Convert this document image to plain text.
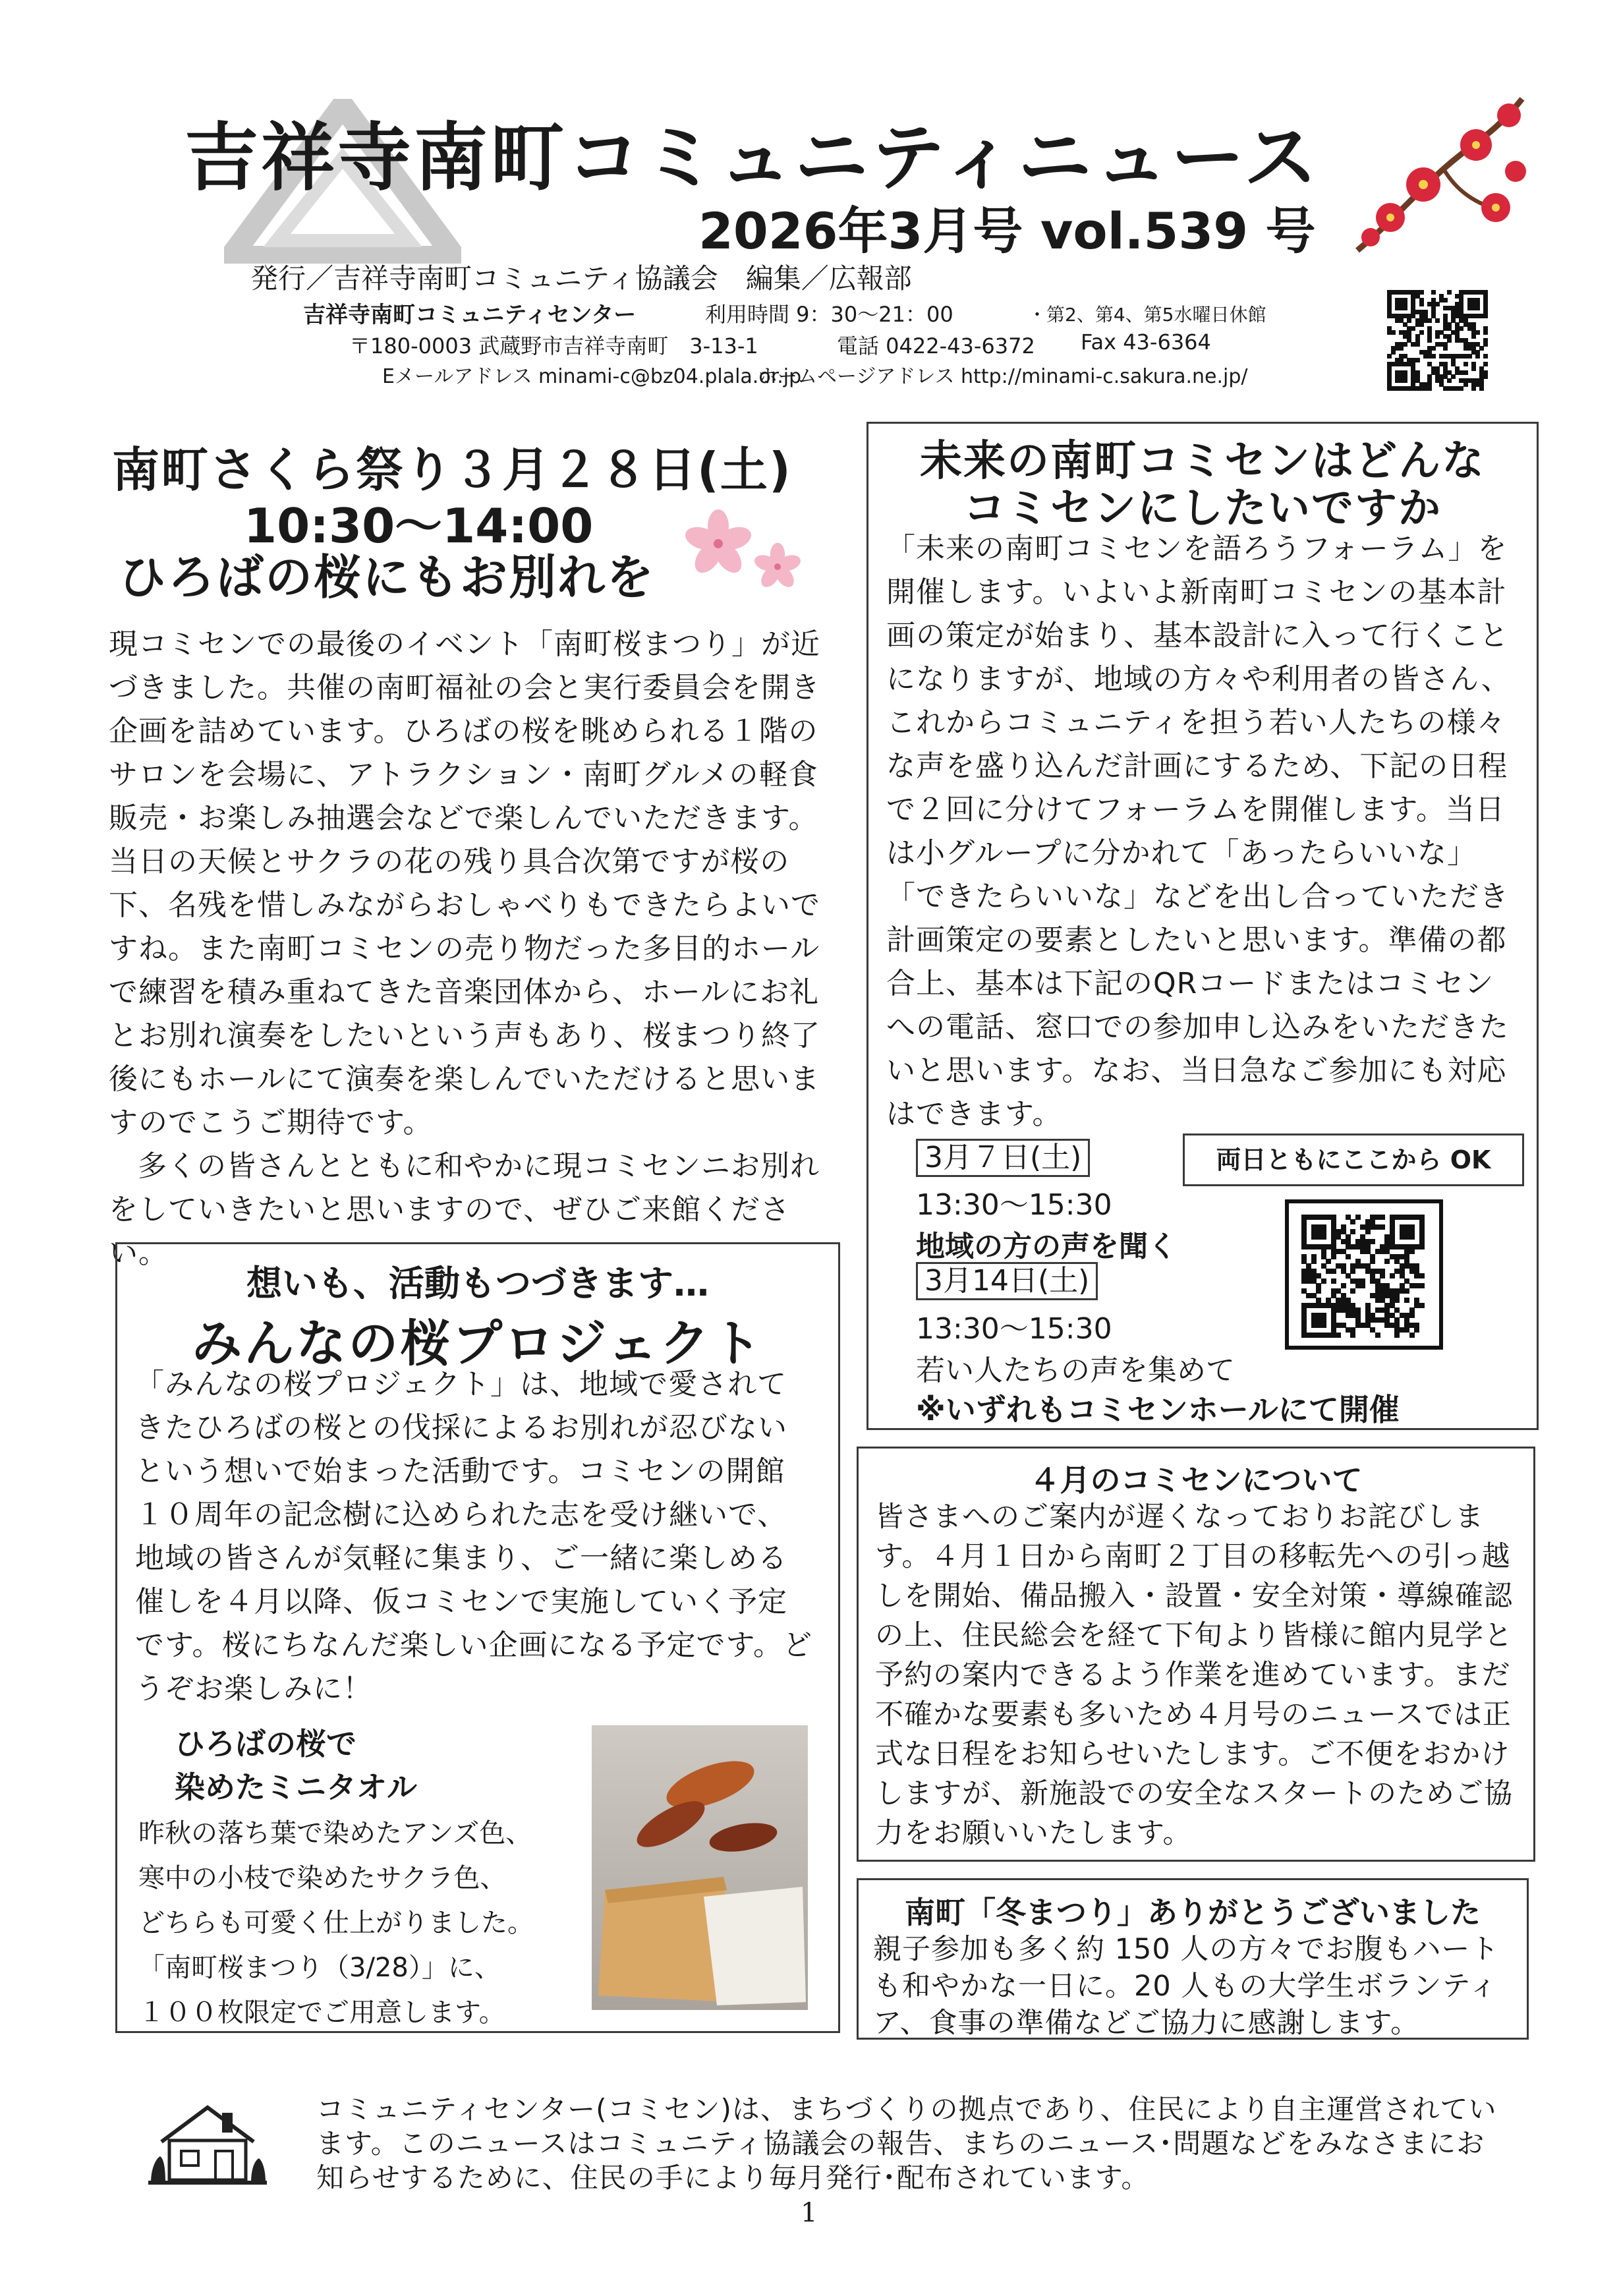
吉祥寺南町コミュニティニュース
2026年3月号 vol.539 号
発行／吉祥寺南町コミュニティ協議会　編集／広報部
吉祥寺南町コミュニティセンター	利用時間 9：30～21：00	・第2、第4、第5水曜日休館
〒180-0003 武蔵野市吉祥寺南町　3-13-1	電話 0422-43-6372 Fax 43-6364
Eメールアドレス minami-c@bz04.plala.or.jp
ホームページアドレス http://minami-c.sakura.ne.jp/
南町さくら祭り３月２８日(土)
10:30～14:00
ひろばの桜にもお別れを

現コミセンでの最後のイベント「南町桜まつり」が近づきました。共催の南町福祉の会と実行委員会を開き企画を詰めています。ひろばの桜を眺められる１階のサロンを会場に、アトラクション・南町グルメの軽食販売・お楽しみ抽選会などで楽しんでいただきます。当日の天候とサクラの花の残り具合次第ですが桜の下、名残を惜しみながらおしゃべりもできたらよいですね。また南町コミセンの売り物だった多目的ホールで練習を積み重ねてきた音楽団体から、ホールにお礼とお別れ演奏をしたいという声もあり、桜まつり終了後にもホールにて演奏を楽しんでいただけると思いますのでこうご期待です。

多くの皆さんとともに和やかに現コミセンニお別れをしていきたいと思いますので、ぜひご来館ください。

想いも、活動もつづきます…
みんなの桜プロジェクト
「みんなの桜プロジェクト」は、地域で愛されてきたひろばの桜との伐採によるお別れが忍びないという想いで始まった活動です。コミセンの開館１０周年の記念樹に込められた志を受け継いで、地域の皆さんが気軽に集まり、ご一緒に楽しめる催しを４月以降、仮コミセンで実施していく予定です。桜にちなんだ楽しい企画になる予定です。どうぞお楽しみに！
ひろばの桜で
染めたミニタオル
昨秋の落ち葉で染めたアンズ色、
寒中の小枝で染めたサクラ色、
どちらも可愛く仕上がりました。
「南町桜まつり（3/28）」に、
１００枚限定でご用意します。
未来の南町コミセンはどんな
コミセンにしたいですか
「未来の南町コミセンを語ろうフォーラム」を開催します。いよいよ新南町コミセンの基本計画の策定が始まり、基本設計に入って行くことになりますが、地域の方々や利用者の皆さん、これからコミュニティを担う若い人たちの様々な声を盛り込んだ計画にするため、下記の日程で２回に分けてフォーラムを開催します。当日は小グループに分かれて「あったらいいな」「できたらいいな」などを出し合っていただき計画策定の要素としたいと思います。準備の都合上、基本は下記のQRコードまたはコミセンへの電話、窓口での参加申し込みをいただきたいと思います。なお、当日急なご参加にも対応はできます。
3月７日(土)
13:30～15:30
地域の方の声を聞く
3月14日(土)
13:30～15:30
若い人たちの声を集めて
※いずれもコミセンホールにて開催
両日ともにここから OK
４月のコミセンについて
皆さまへのご案内が遅くなっておりお詫びします。４月１日から南町２丁目の移転先への引っ越しを開始、備品搬入・設置・安全対策・導線確認の上、住民総会を経て下旬より皆様に館内見学と予約の案内できるよう作業を進めています。まだ不確かな要素も多いため４月号のニュースでは正式な日程をお知らせいたします。ご不便をおかけしますが、新施設での安全なスタートのためご協力をお願いいたします。
南町「冬まつり」ありがとうございました
親子参加も多く約 150 人の方々でお腹もハートも和やかな一日に。20 人もの大学生ボランティア、食事の準備などご協力に感謝します。
コミュニティセンター(コミセン)は、まちづくりの拠点であり、住民により自主運営されています。このニュースはコミュニティ協議会の報告、まちのニュース･問題などをみなさまにお知らせするために、住民の手により毎月発行･配布されています。
1
